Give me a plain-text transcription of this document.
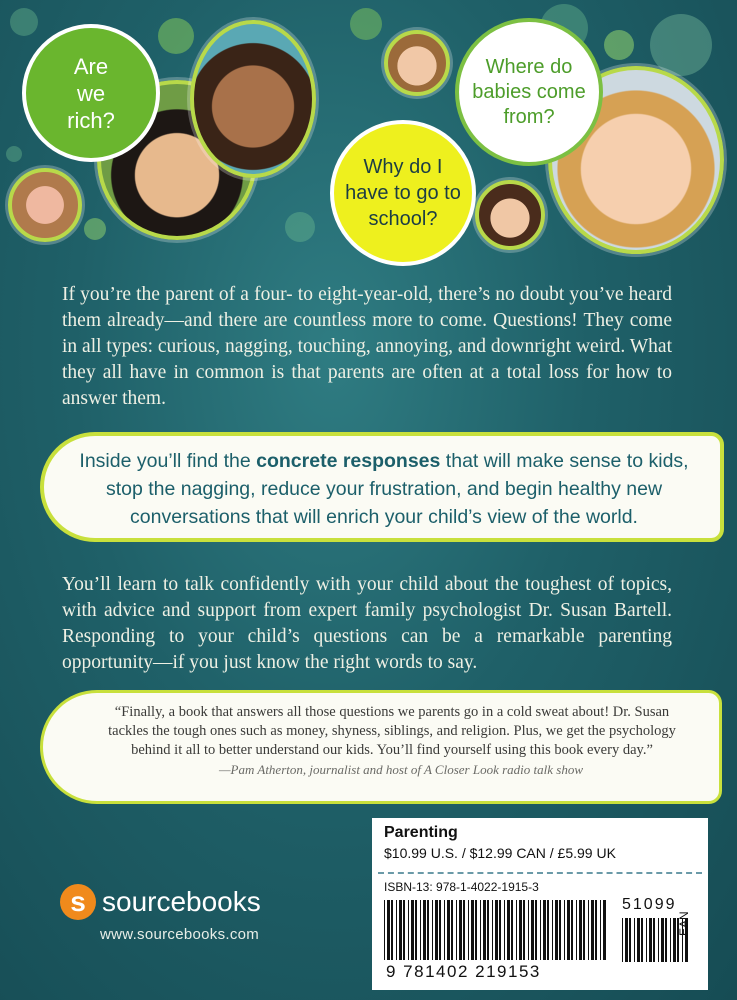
Are
we
rich?
Where do
babies come
from?
Why do I
have to go to
school?
If you’re the parent of a four- to eight-year-old, there’s no doubt you’ve heard them already—and there are countless more to come. Questions! They come in all types: curious, nagging, touching, annoying, and downright weird. What they all have in common is that parents are often at a total loss for how to answer them.
Inside you’ll find the concrete responses that will make sense to kids, stop the nagging, reduce your frustration, and begin healthy new conversations that will enrich your child’s view of the world.
You’ll learn to talk confidently with your child about the toughest of topics, with advice and support from expert family psychologist Dr. Susan Bartell. Responding to your child’s questions can be a remarkable parenting opportunity—if you just know the right words to say.
“Finally, a book that answers all those questions we parents go in a cold sweat about! Dr. Susan tackles the tough ones such as money, shyness, siblings, and religion. Plus, we get the psychology behind it all to better understand our kids. You’ll find yourself using this book every day.”
—Pam Atherton, journalist and host of A Closer Look radio talk show
s sourcebooks
www.sourcebooks.com
Parenting
$10.99 U.S. / $12.99 CAN / £5.99 UK
ISBN-13: 978-1-4022-1915-3
51099
EAN
9 781402 219153
